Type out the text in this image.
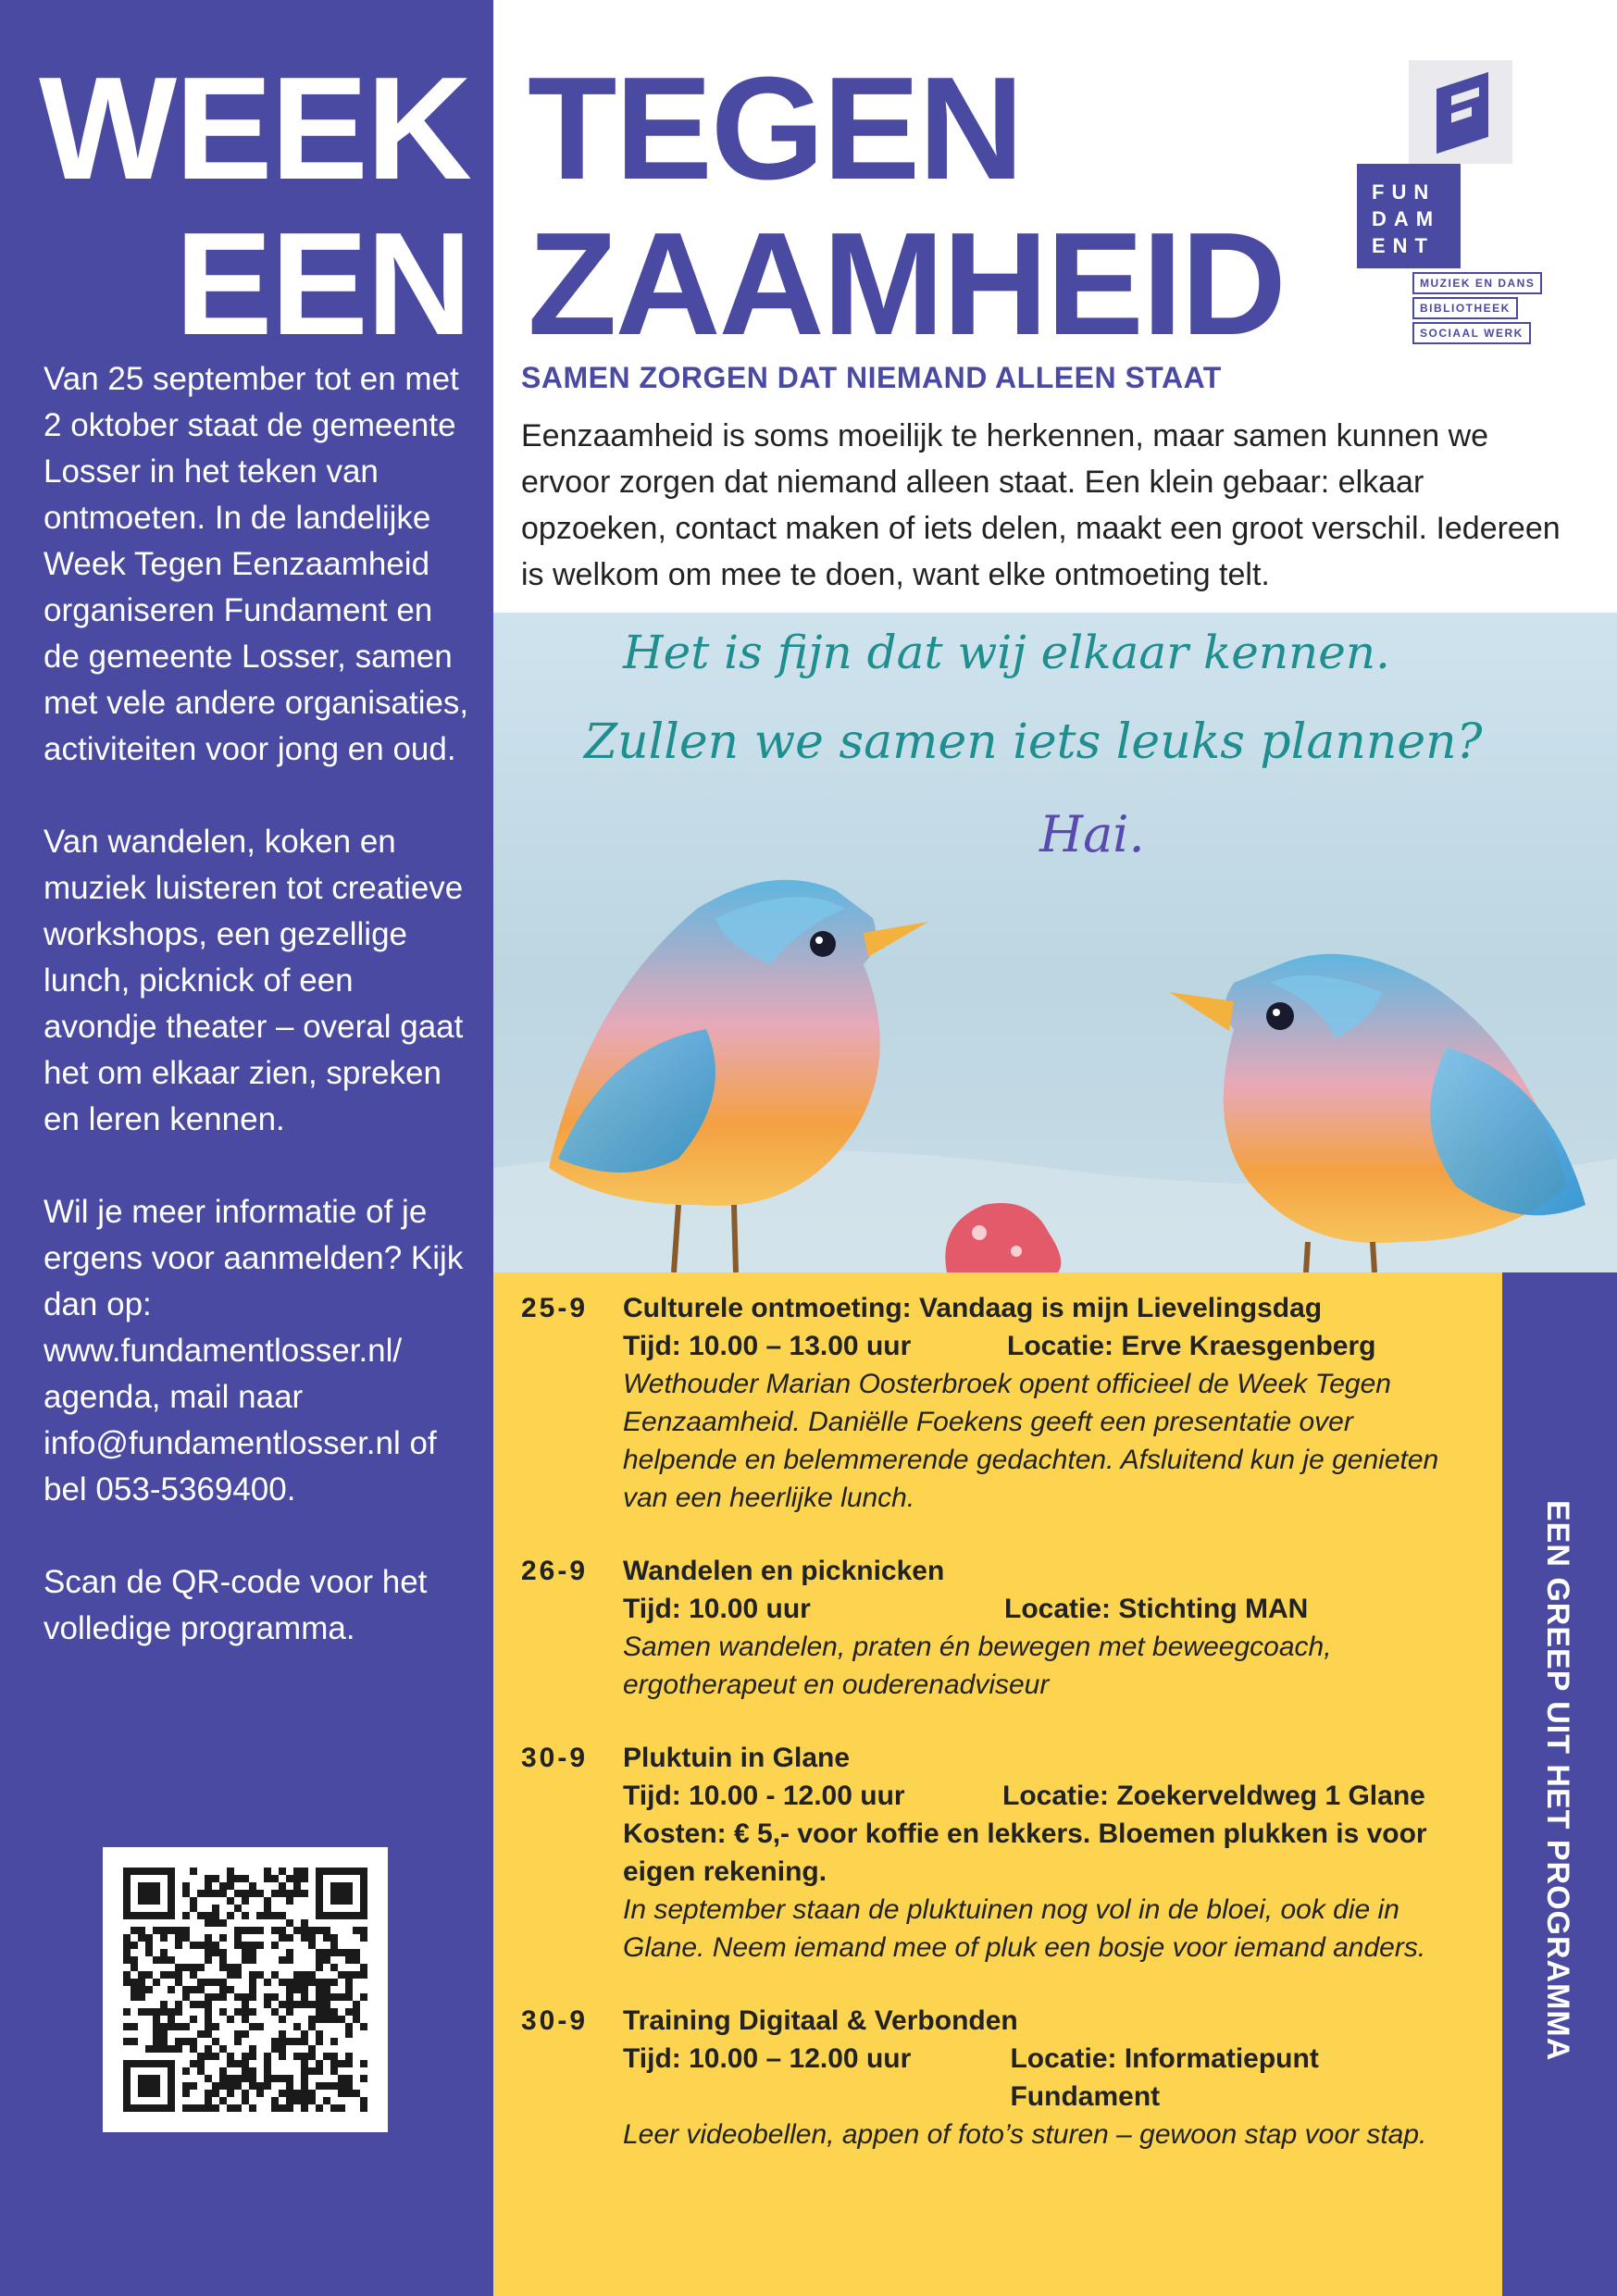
WEEK
EEN
TEGEN
ZAAMHEID
FUN
DAM
ENT
MUZIEK EN DANS
BIBLIOTHEEK
SOCIAAL WERK

Van 25 september tot en met 2 oktober staat de gemeente Losser in het teken van ontmoeten. In de landelijke Week Tegen Eenzaamheid organiseren Fundament en de gemeente Losser, samen met vele andere organisaties, activiteiten voor jong en oud.

Van wandelen, koken en muziek luisteren tot creatieve workshops, een gezellige lunch, picknick of een avondje theater – overal gaat het om elkaar zien, spreken en leren kennen.

Wil je meer informatie of je ergens voor aanmelden? Kijk dan op: www.fundamentlosser.nl/ agenda, mail naar info@fundamentlosser.nl of bel 053-5369400.

Scan de QR-code voor het volledige programma.

SAMEN ZORGEN DAT NIEMAND ALLEEN STAAT
Eenzaamheid is soms moeilijk te herkennen, maar samen kunnen we ervoor zorgen dat niemand alleen staat. Een klein gebaar: elkaar opzoeken, contact maken of iets delen, maakt een groot verschil. Iedereen is welkom om mee te doen, want elke ontmoeting telt.
Het is fijn dat wij elkaar kennen.
Zullen we samen iets leuks plannen?
Hai.
25-9	Culturele ontmoeting: Vandaag is mijn Lievelingsdag
Tijd: 10.00 – 13.00 uur	Locatie: Erve Kraesgenberg
Wethouder Marian Oosterbroek opent officieel de Week Tegen Eenzaamheid. Daniëlle Foekens geeft een presentatie over helpende en belemmerende gedachten. Afsluitend kun je genieten van een heerlijke lunch.
26-9	Wandelen en picknicken
Tijd: 10.00 uur	Locatie: Stichting MAN
Samen wandelen, praten én bewegen met beweegcoach, ergotherapeut en ouderenadviseur
30-9	Pluktuin in Glane
Tijd: 10.00 - 12.00 uur	Locatie: Zoekerveldweg 1 Glane
Kosten: € 5,- voor koffie en lekkers. Bloemen plukken is voor eigen rekening.
In september staan de pluktuinen nog vol in de bloei, ook die in Glane. Neem iemand mee of pluk een bosje voor iemand anders.
30-9	Training Digitaal & Verbonden
Tijd: 10.00 – 12.00 uur	Locatie: Informatiepunt Fundament
Leer videobellen, appen of foto’s sturen – gewoon stap voor stap.
EEN GREEP UIT HET PROGRAMMA
